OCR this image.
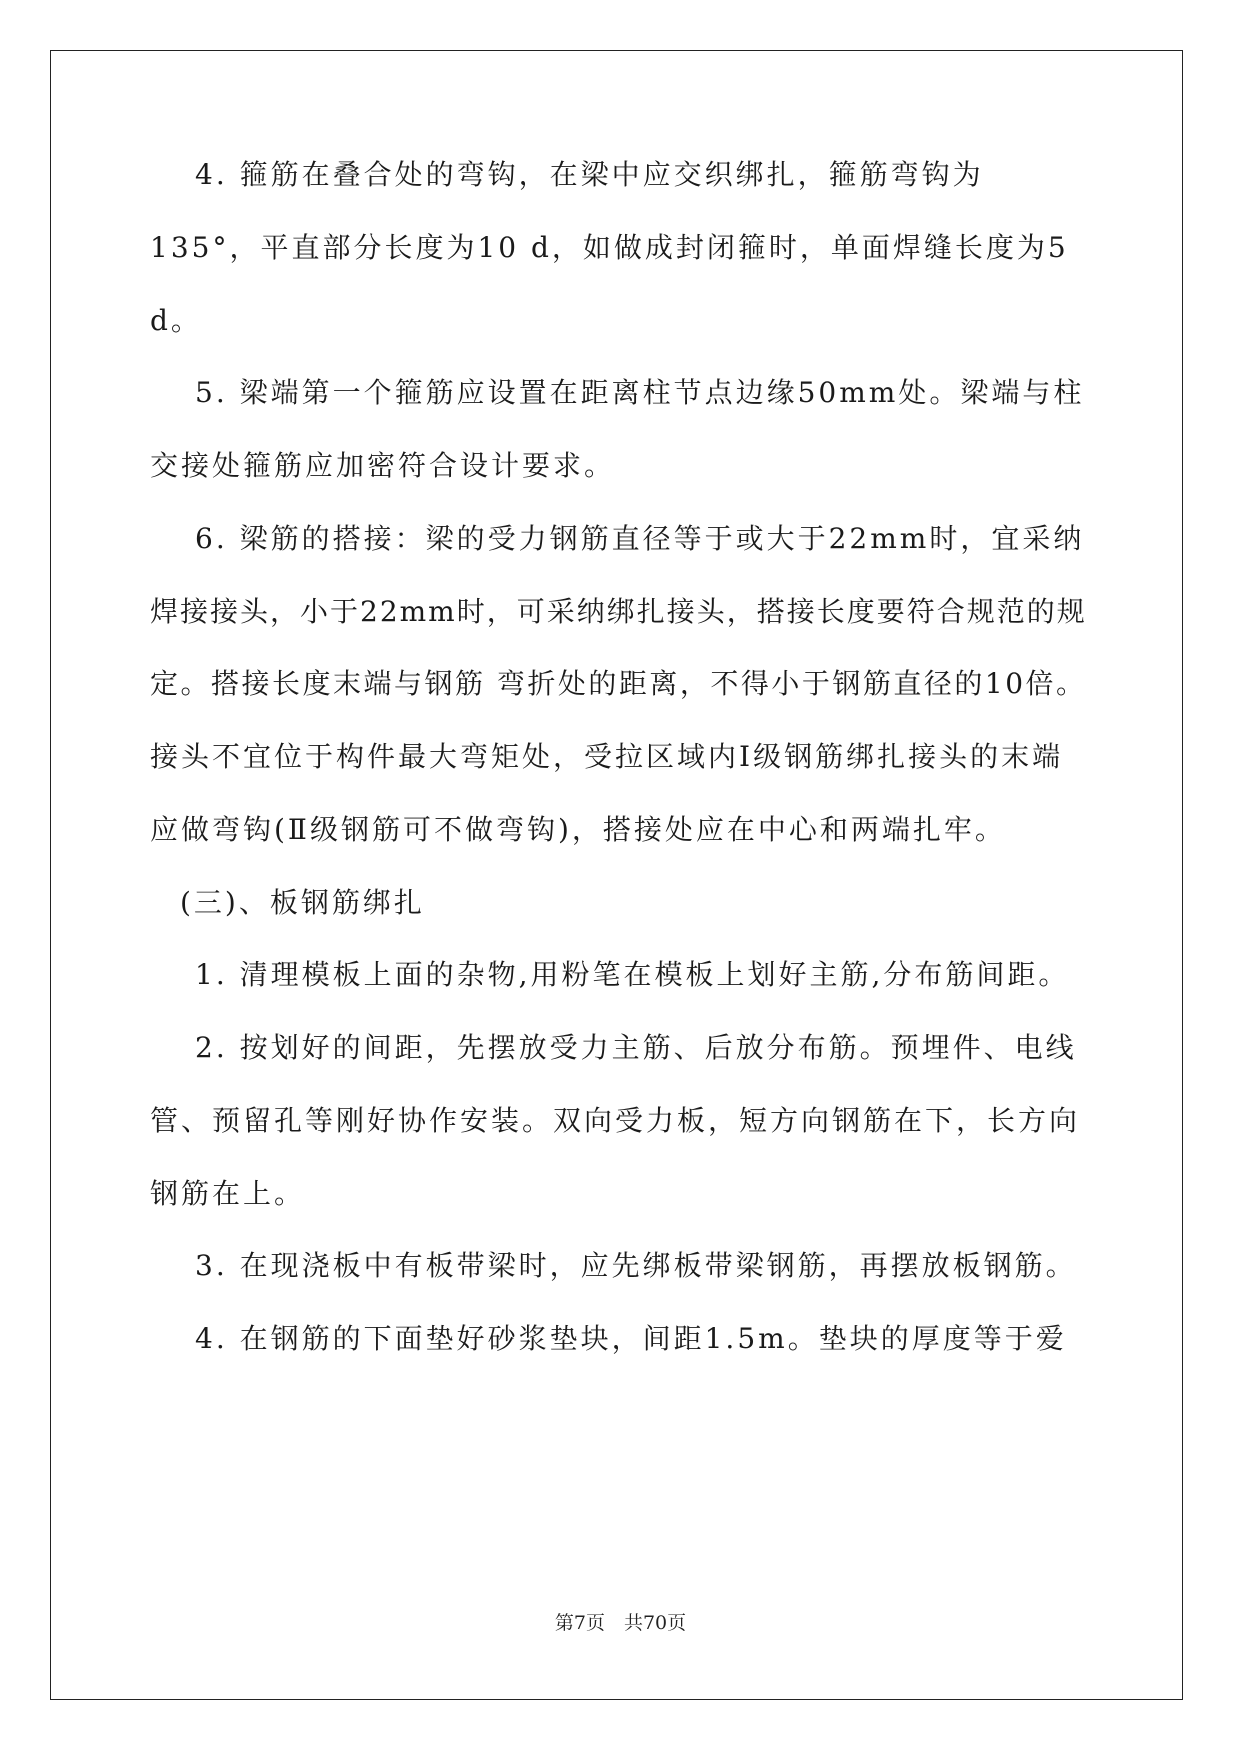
4. 箍筋在叠合处的弯钩，在梁中应交织绑扎，箍筋弯钩为
135°，平直部分长度为10 d，如做成封闭箍时，单面焊缝长度为5
d。
5. 梁端第一个箍筋应设置在距离柱节点边缘50mm处。梁端与柱
交接处箍筋应加密符合设计要求。
6. 梁筋的搭接：梁的受力钢筋直径等于或大于22mm时，宜采纳
焊接接头，小于22mm时，可采纳绑扎接头，搭接长度要符合规范的规
定。搭接长度末端与钢筋 弯折处的距离，不得小于钢筋直径的10倍。
接头不宜位于构件最大弯矩处，受拉区域内Ⅰ级钢筋绑扎接头的末端
应做弯钩(Ⅱ级钢筋可不做弯钩)，搭接处应在中心和两端扎牢。
(三)、板钢筋绑扎
1. 清理模板上面的杂物,用粉笔在模板上划好主筋,分布筋间距。
2. 按划好的间距，先摆放受力主筋、后放分布筋。预埋件、电线
管、预留孔等刚好协作安装。双向受力板，短方向钢筋在下，长方向
钢筋在上。
3. 在现浇板中有板带梁时，应先绑板带梁钢筋，再摆放板钢筋。
4. 在钢筋的下面垫好砂浆垫块，间距1.5m。垫块的厚度等于爱
第7页　共70页
